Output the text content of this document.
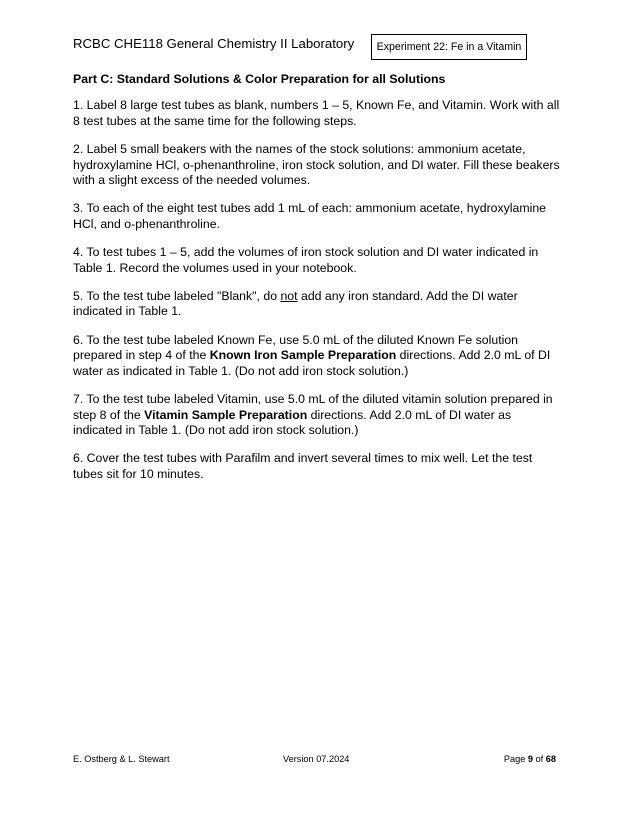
RCBC CHE118 General Chemistry II Laboratory Experiment 22: Fe in a Vitamin
Part C: Standard Solutions & Color Preparation for all Solutions
1. Label 8 large test tubes as blank, numbers 1 – 5, Known Fe, and Vitamin. Work with all 8 test tubes at the same time for the following steps.
2. Label 5 small beakers with the names of the stock solutions: ammonium acetate, hydroxylamine HCl, o-phenanthroline, iron stock solution, and DI water. Fill these beakers with a slight excess of the needed volumes.
3. To each of the eight test tubes add 1 mL of each: ammonium acetate, hydroxylamine HCl, and o-phenanthroline.
4. To test tubes 1 – 5, add the volumes of iron stock solution and DI water indicated in Table 1. Record the volumes used in your notebook.
5. To the test tube labeled "Blank", do not add any iron standard. Add the DI water indicated in Table 1.
6. To the test tube labeled Known Fe, use 5.0 mL of the diluted Known Fe solution prepared in step 4 of the Known Iron Sample Preparation directions. Add 2.0 mL of DI water as indicated in Table 1. (Do not add iron stock solution.)
7. To the test tube labeled Vitamin, use 5.0 mL of the diluted vitamin solution prepared in step 8 of the Vitamin Sample Preparation directions. Add 2.0 mL of DI water as indicated in Table 1. (Do not add iron stock solution.)
6. Cover the test tubes with Parafilm and invert several times to mix well. Let the test tubes sit for 10 minutes.
E. Ostberg & L. Stewart	Version 07.2024	Page 9 of 68
